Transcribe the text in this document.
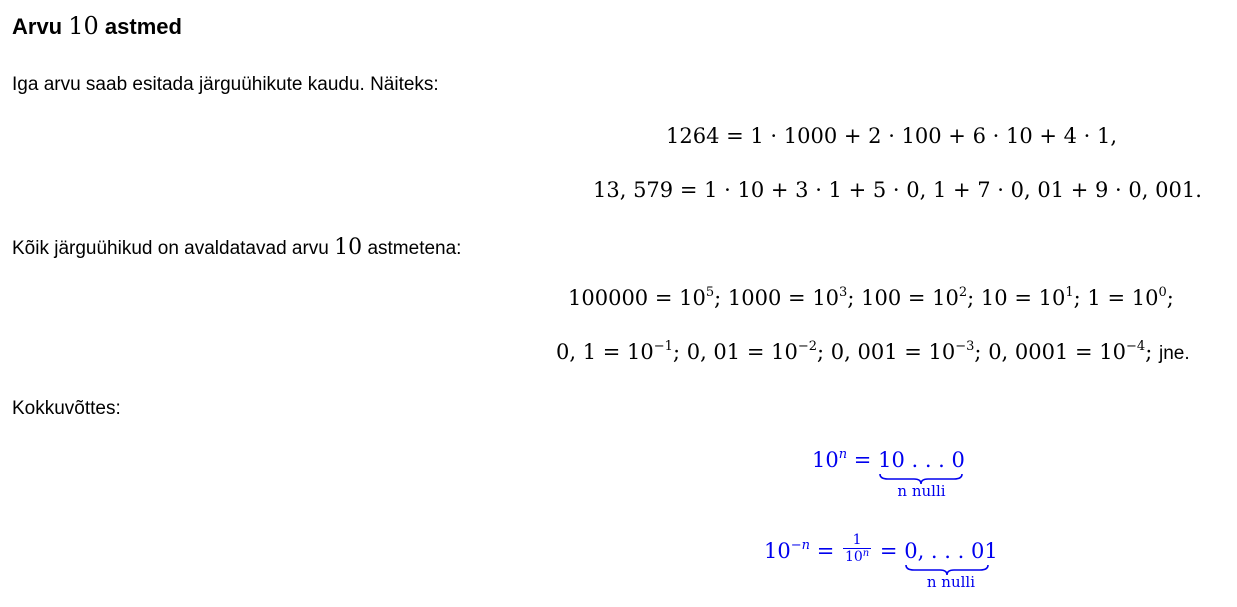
Arvu 10 astmed
Iga arvu saab esitada järguühikute kaudu. Näiteks:
1264 = 1 · 1000 + 2 · 100 + 6 · 10 + 4 · 1,
13, 579 = 1 · 10 + 3 · 1 + 5 · 0, 1 + 7 · 0, 01 + 9 · 0, 001.
Kõik järguühikud on avaldatavad arvu 10 astmetena:
$100000 = 10^5$; $1000 = 10^3$; $100 = 10^2$; $10 = 10^1$; $1 = 10^0$;
0, $1 = 10^{-1}$; 0, $01 = 10^{-2}$; 0, $001 = 10^{-3}$; 0, $0001 = 10^{-4}$; jne.
Kokkuvõttes:
$10^n = 10$ . . . 0
n nulli
$10^{-n} = \frac{1}{10^n} = 0$, . . . 01
n nulli
